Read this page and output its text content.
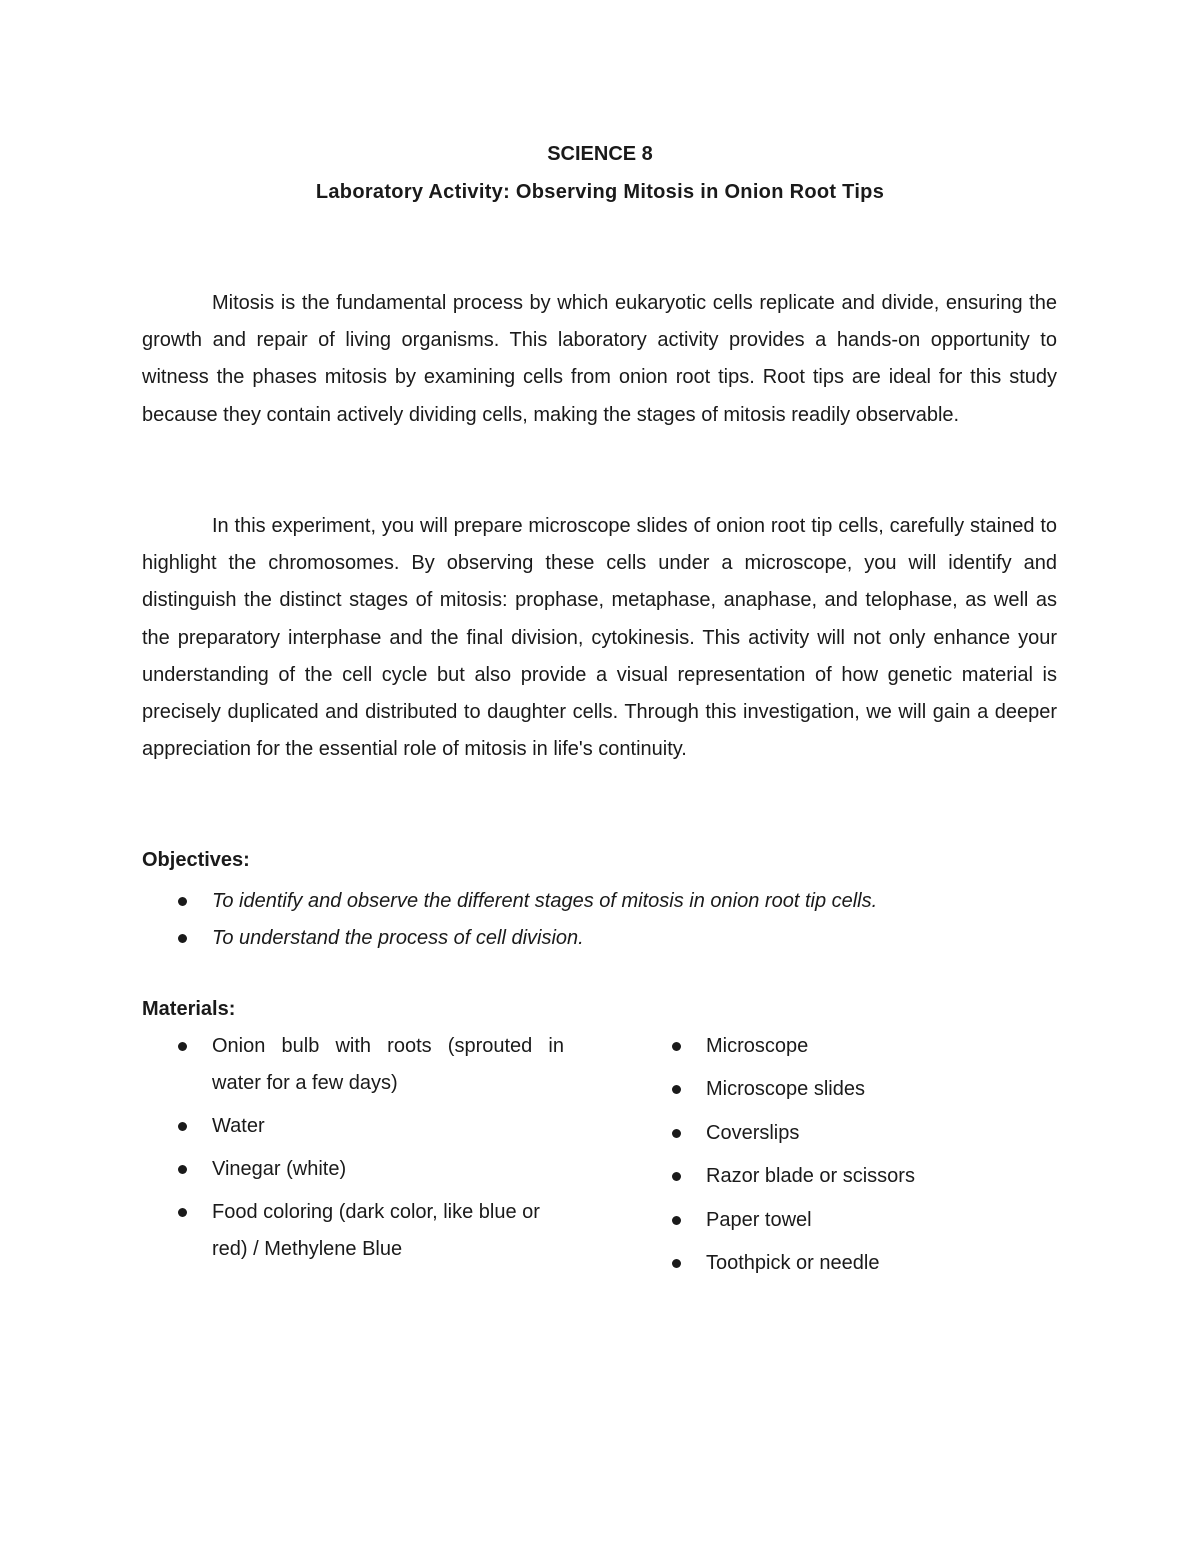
SCIENCE 8
Laboratory Activity: Observing Mitosis in Onion Root Tips

Mitosis is the fundamental process by which eukaryotic cells replicate and divide, ensuring the growth and repair of living organisms. This laboratory activity provides a hands-on opportunity to witness the phases mitosis by examining cells from onion root tips. Root tips are ideal for this study because they contain actively dividing cells, making the stages of mitosis readily observable.

In this experiment, you will prepare microscope slides of onion root tip cells, carefully stained to highlight the chromosomes. By observing these cells under a microscope, you will identify and distinguish the distinct stages of mitosis: prophase, metaphase, anaphase, and telophase, as well as the preparatory interphase and the final division, cytokinesis. This activity will not only enhance your understanding of the cell cycle but also provide a visual representation of how genetic material is precisely duplicated and distributed to daughter cells. Through this investigation, we will gain a deeper appreciation for the essential role of mitosis in life's continuity.

Objectives:
To identify and observe the different stages of mitosis in onion root tip cells.
To understand the process of cell division.
Materials:
Onion bulb with roots (sprouted in water for a few days)
Water
Vinegar (white)
Food coloring (dark color, like blue or red) / Methylene Blue
Microscope
Microscope slides
Coverslips
Razor blade or scissors
Paper towel
Toothpick or needle
